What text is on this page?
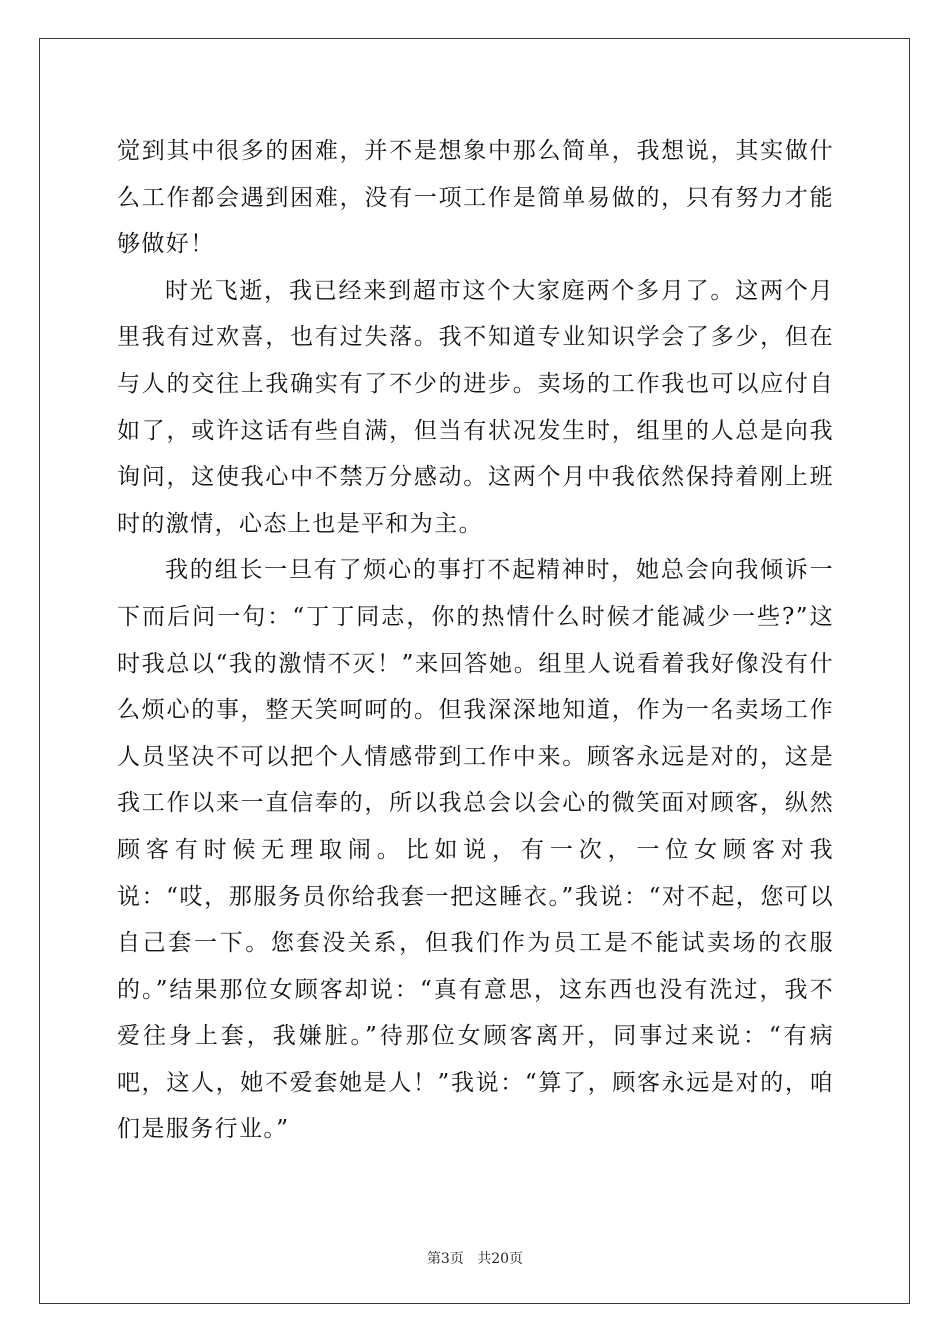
觉到其中很多的困难，并不是想象中那么简单，我想说，其实做什么工作都会遇到困难，没有一项工作是简单易做的，只有努力才能够做好！

时光飞逝，我已经来到超市这个大家庭两个多月了。这两个月里我有过欢喜，也有过失落。我不知道专业知识学会了多少，但在与人的交往上我确实有了不少的进步。卖场的工作我也可以应付自如了，或许这话有些自满，但当有状况发生时，组里的人总是向我询问，这使我心中不禁万分感动。这两个月中我依然保持着刚上班时的激情，心态上也是平和为主。

我的组长一旦有了烦心的事打不起精神时，她总会向我倾诉一下而后问一句：“丁丁同志，你的热情什么时候才能减少一些?”这时我总以“我的激情不灭！”来回答她。组里人说看着我好像没有什么烦心的事，整天笑呵呵的。但我深深地知道，作为一名卖场工作人员坚决不可以把个人情感带到工作中来。顾客永远是对的，这是我工作以来一直信奉的，所以我总会以会心的微笑面对顾客，纵然顾客有时候无理取闹。比如说，有一次，一位女顾客对我说：“哎，那服务员你给我套一把这睡衣。”我说：“对不起，您可以自己套一下。您套没关系，但我们作为员工是不能试卖场的衣服的。”结果那位女顾客却说：“真有意思，这东西也没有洗过，我不爱往身上套，我嫌脏。”待那位女顾客离开，同事过来说：“有病吧，这人，她不爱套她是人！”我说：“算了，顾客永远是对的，咱们是服务行业。”

第3页 共20页
